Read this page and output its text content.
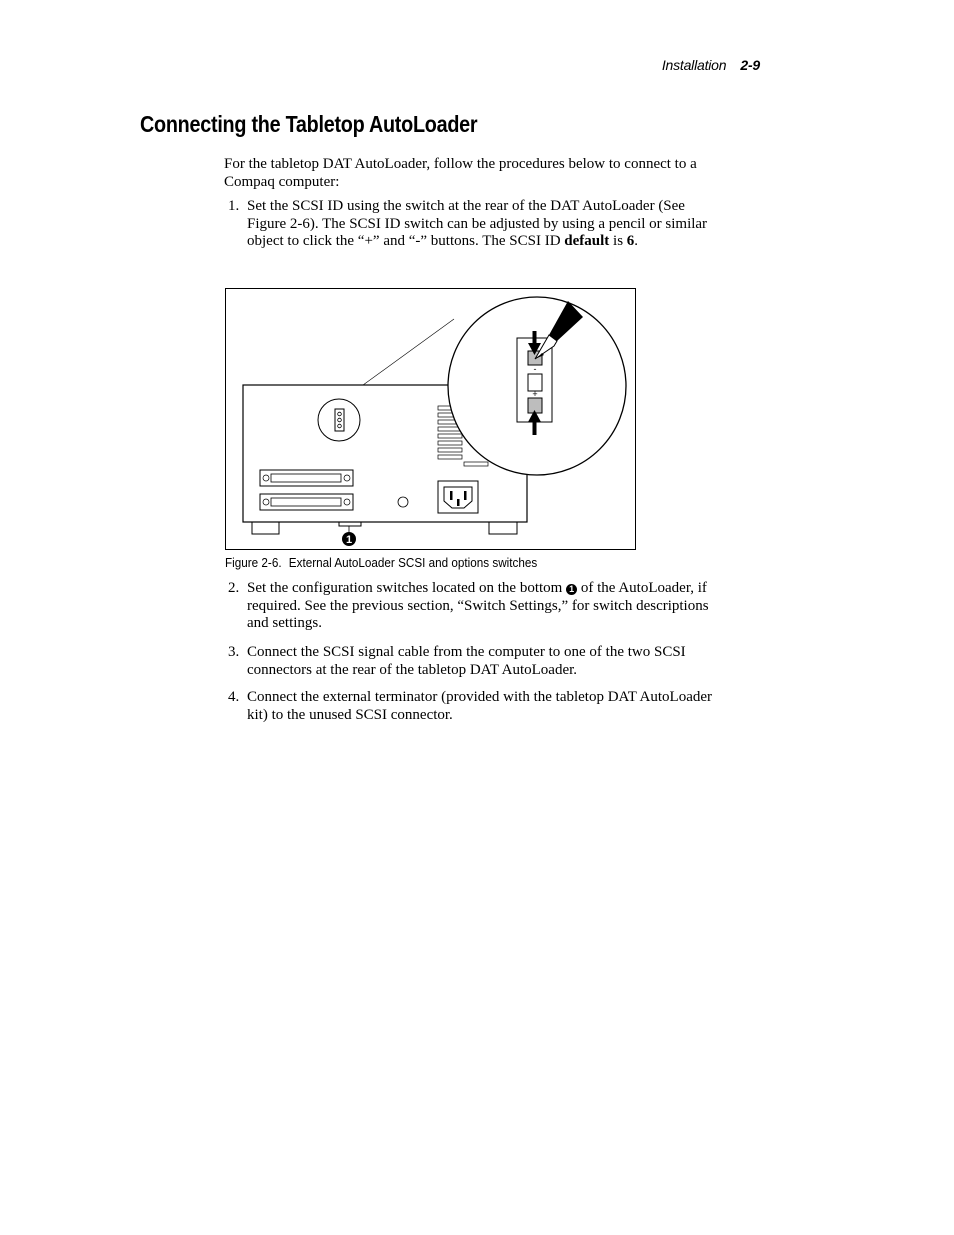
Installation 2-9
Connecting the Tabletop AutoLoader

For the tabletop DAT AutoLoader, follow the procedures below to connect to a Compaq computer:

1. Set the SCSI ID using the switch at the rear of the DAT AutoLoader (See Figure 2-6). The SCSI ID switch can be adjusted by using a pencil or similar object to click the “+” and “-” buttons. The SCSI ID default is 6.
-
+
1
Figure 2-6. External AutoLoader SCSI and options switches
2. Set the configuration switches located on the bottom 1 of the AutoLoader, if required. See the previous section, “Switch Settings,” for switch descriptions and settings.
3. Connect the SCSI signal cable from the computer to one of the two SCSI connectors at the rear of the tabletop DAT AutoLoader.
4. Connect the external terminator (provided with the tabletop DAT AutoLoader kit) to the unused SCSI connector.
